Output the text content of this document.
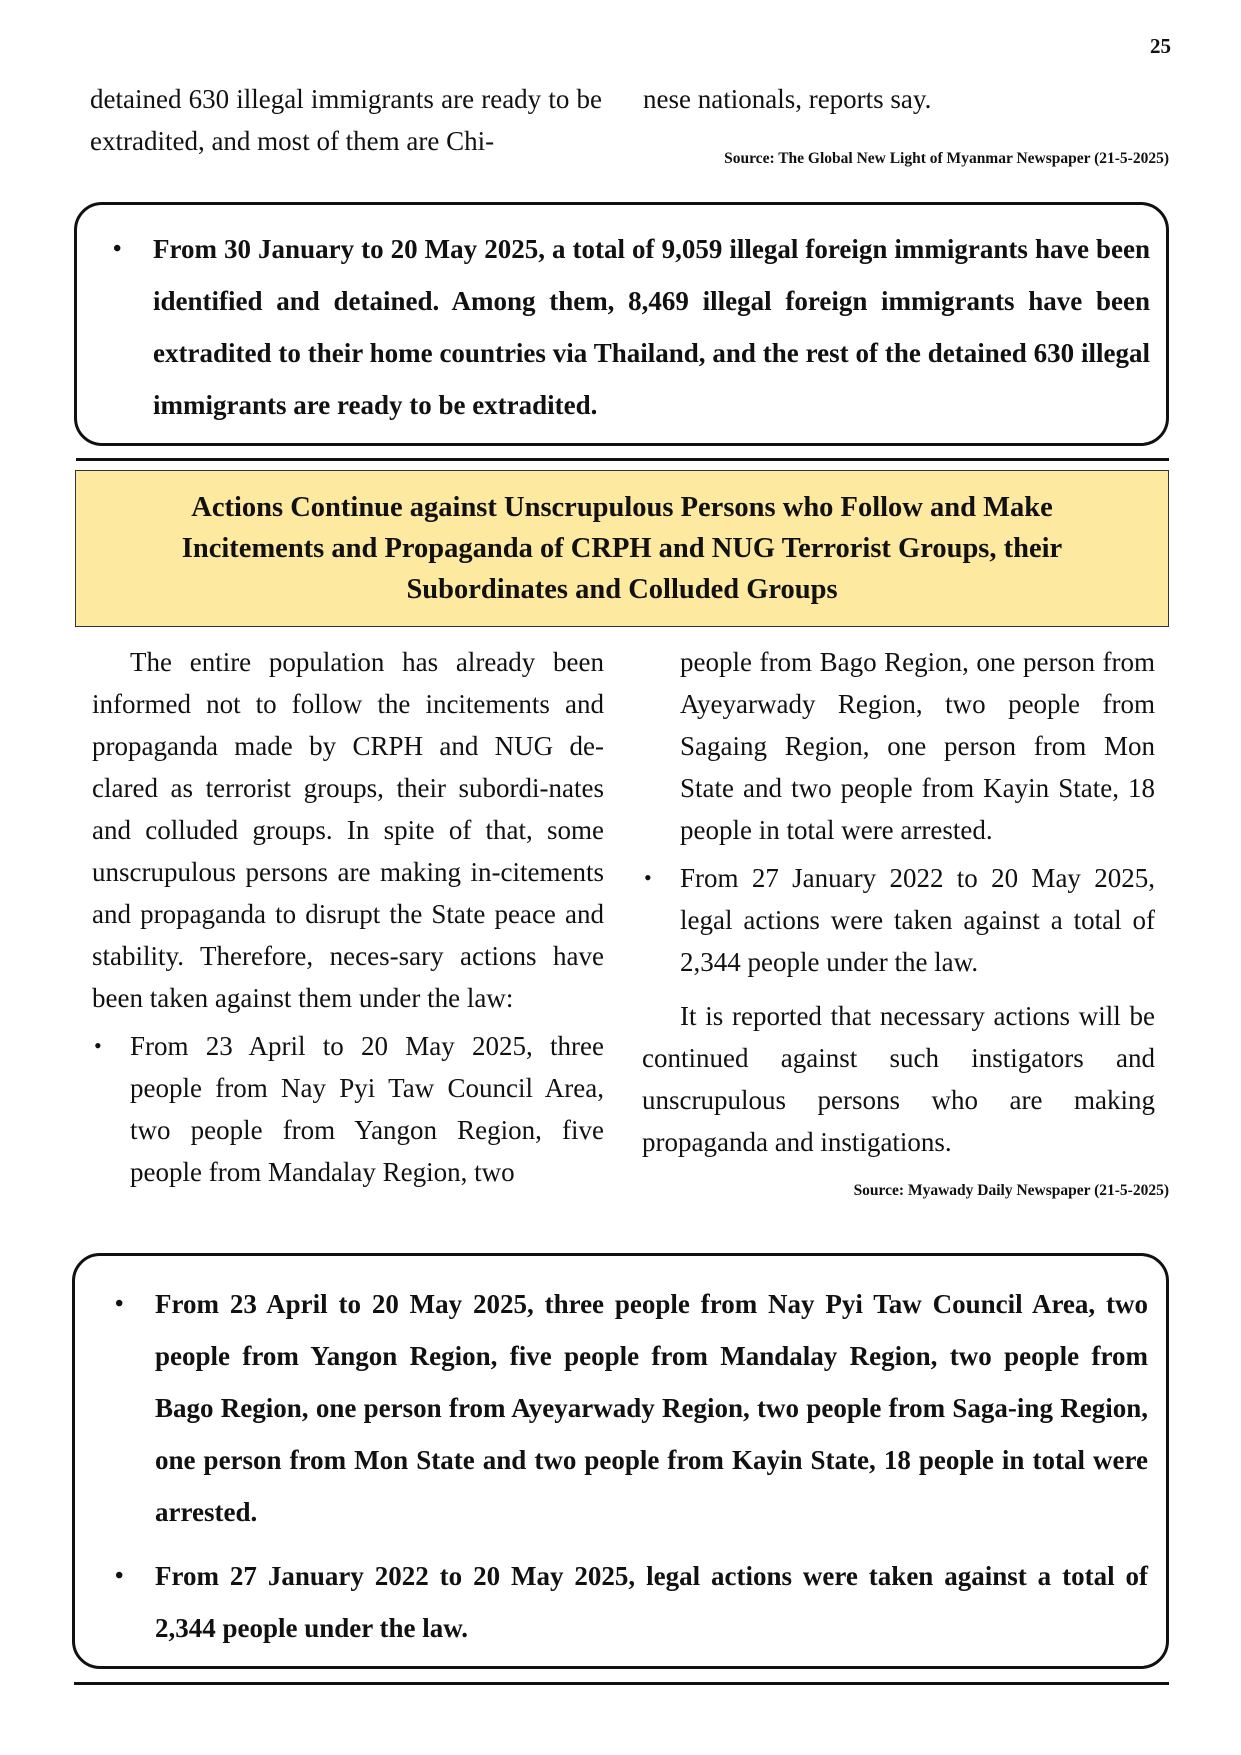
25

detained 630 illegal immigrants are ready to be extradited, and most of them are Chi-

nese nationals, reports say.

Source: The Global New Light of Myanmar Newspaper (21-5-2025)
• From 30 January to 20 May 2025, a total of 9,059 illegal foreign immigrants have been identified and detained. Among them, 8,469 illegal foreign immigrants have been extradited to their home countries via Thailand, and the rest of the detained 630 illegal immigrants are ready to be extradited.

Actions Continue against Unscrupulous Persons who Follow and Make Incitements and Propaganda of CRPH and NUG Terrorist Groups, their Subordinates and Colluded Groups

The entire population has already been informed not to follow the incitements and propaganda made by CRPH and NUG de-clared as terrorist groups, their subordi-nates and colluded groups. In spite of that, some unscrupulous persons are making in-citements and propaganda to disrupt the State peace and stability. Therefore, neces-sary actions have been taken against them under the law:

• From 23 April to 20 May 2025, three people from Nay Pyi Taw Council Area, two people from Yangon Region, five people from Mandalay Region, two

people from Bago Region, one person from Ayeyarwady Region, two people from Sagaing Region, one person from Mon State and two people from Kayin State, 18 people in total were arrested.

• From 27 January 2022 to 20 May 2025, legal actions were taken against a total of 2,344 people under the law.

It is reported that necessary actions will be continued against such instigators and unscrupulous persons who are making propaganda and instigations.

Source: Myawady Daily Newspaper (21-5-2025)
• From 23 April to 20 May 2025, three people from Nay Pyi Taw Council Area, two people from Yangon Region, five people from Mandalay Region, two people from Bago Region, one person from Ayeyarwady Region, two people from Saga-ing Region, one person from Mon State and two people from Kayin State, 18 people in total were arrested.
• From 27 January 2022 to 20 May 2025, legal actions were taken against a total of 2,344 people under the law.
